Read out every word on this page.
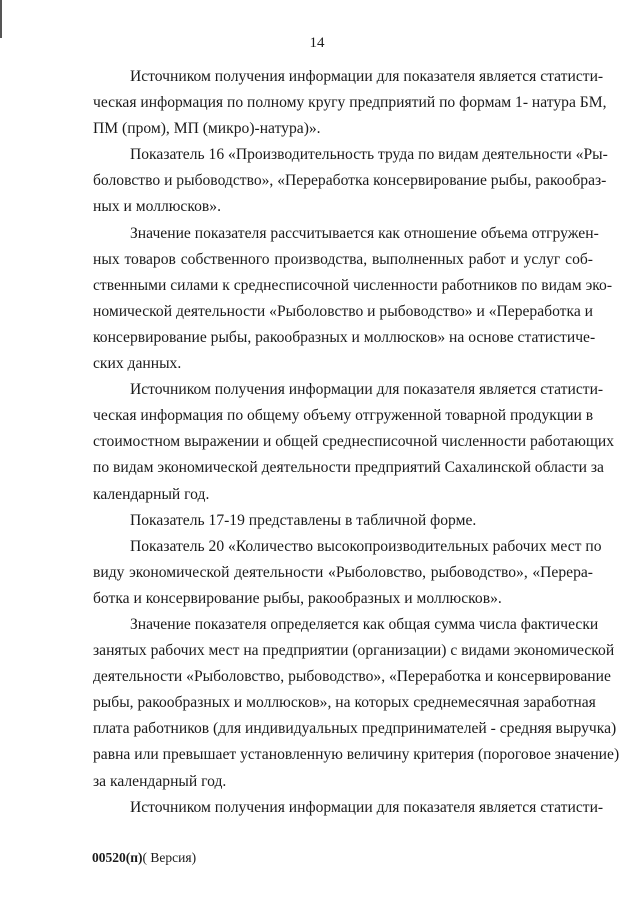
14

Источником получения информации для показателя является статисти-
ческая информация по полному кругу предприятий по формам 1- натура БМ,
ПМ (пром), МП (микро)-натура)».

Показатель 16 «Производительность труда по видам деятельности «Ры-
боловство и рыбоводство», «Переработка консервирование рыбы, ракообраз-
ных и моллюсков».

Значение показателя рассчитывается как отношение объема отгружен-
ных товаров собственного производства, выполненных работ и услуг соб-
ственными силами к среднесписочной численности работников по видам эко-
номической деятельности «Рыболовство и рыбоводство» и «Переработка и
консервирование рыбы, ракообразных и моллюсков» на основе статистиче-
ских данных.

Источником получения информации для показателя является статисти-
ческая информация по общему объему отгруженной товарной продукции в
стоимостном выражении и общей среднесписочной численности работающих
по видам экономической деятельности предприятий Сахалинской области за
календарный год.

Показатель 17-19 представлены в табличной форме.

Показатель 20 «Количество высокопроизводительных рабочих мест по
виду экономической деятельности «Рыболовство, рыбоводство», «Перера-
ботка и консервирование рыбы, ракообразных и моллюсков».

Значение показателя определяется как общая сумма числа фактически
занятых рабочих мест на предприятии (организации) с видами экономической
деятельности «Рыболовство, рыбоводство», «Переработка и консервирование
рыбы, ракообразных и моллюсков», на которых среднемесячная заработная
плата работников (для индивидуальных предпринимателей - средняя выручка)
равна или превышает установленную величину критерия (пороговое значение)
за календарный год.

Источником получения информации для показателя является статисти-

00520(п)( Версия)
